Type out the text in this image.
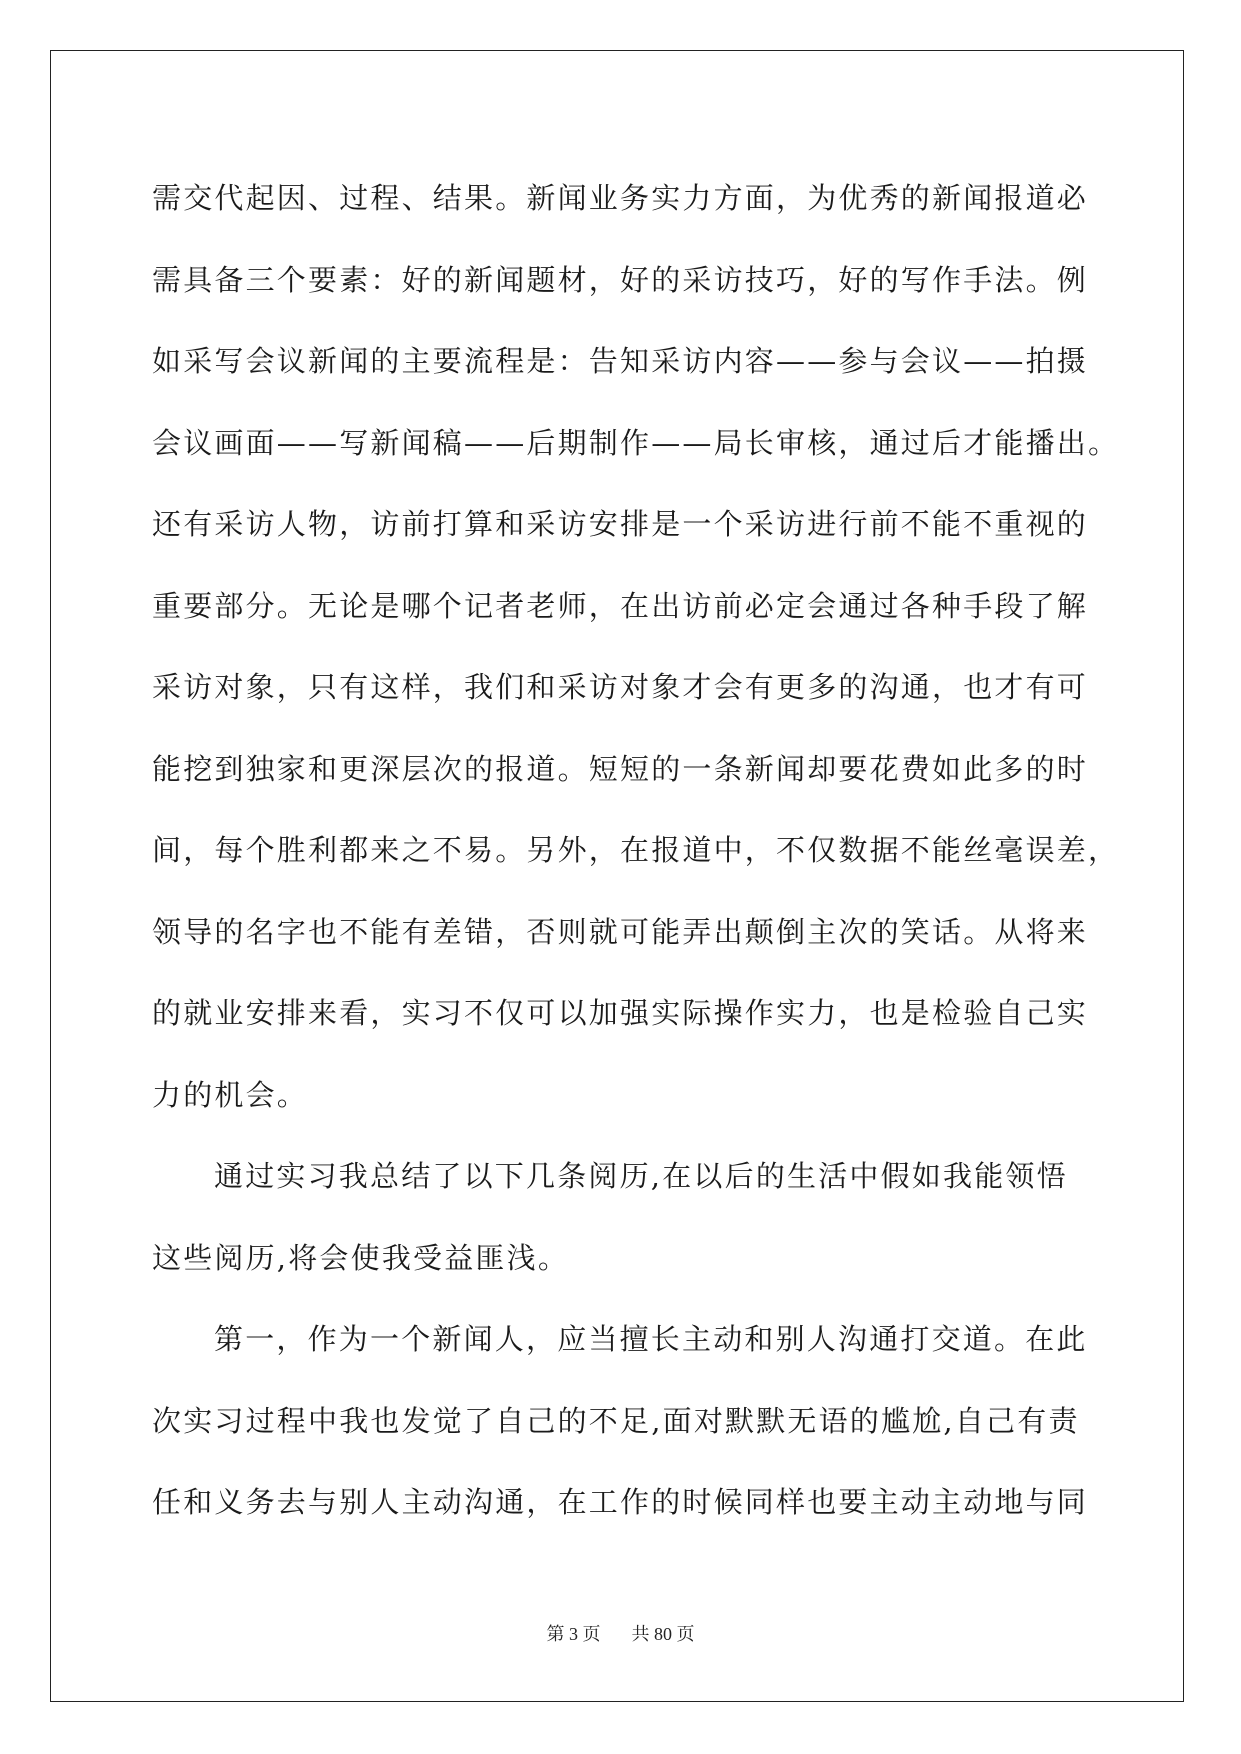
需交代起因、过程、结果。新闻业务实力方面，为优秀的新闻报道必
需具备三个要素：好的新闻题材，好的采访技巧，好的写作手法。例
如采写会议新闻的主要流程是：告知采访内容——参与会议——拍摄
会议画面——写新闻稿——后期制作——局长审核，通过后才能播出。
还有采访人物，访前打算和采访安排是一个采访进行前不能不重视的
重要部分。无论是哪个记者老师，在出访前必定会通过各种手段了解
采访对象，只有这样，我们和采访对象才会有更多的沟通，也才有可
能挖到独家和更深层次的报道。短短的一条新闻却要花费如此多的时
间，每个胜利都来之不易。另外，在报道中，不仅数据不能丝毫误差，
领导的名字也不能有差错，否则就可能弄出颠倒主次的笑话。从将来
的就业安排来看，实习不仅可以加强实际操作实力，也是检验自己实
力的机会。
通过实习我总结了以下几条阅历,在以后的生活中假如我能领悟
这些阅历,将会使我受益匪浅。
第一，作为一个新闻人，应当擅长主动和别人沟通打交道。在此
次实习过程中我也发觉了自己的不足,面对默默无语的尴尬,自己有责
任和义务去与别人主动沟通，在工作的时候同样也要主动主动地与同
第 3 页 共 80 页
